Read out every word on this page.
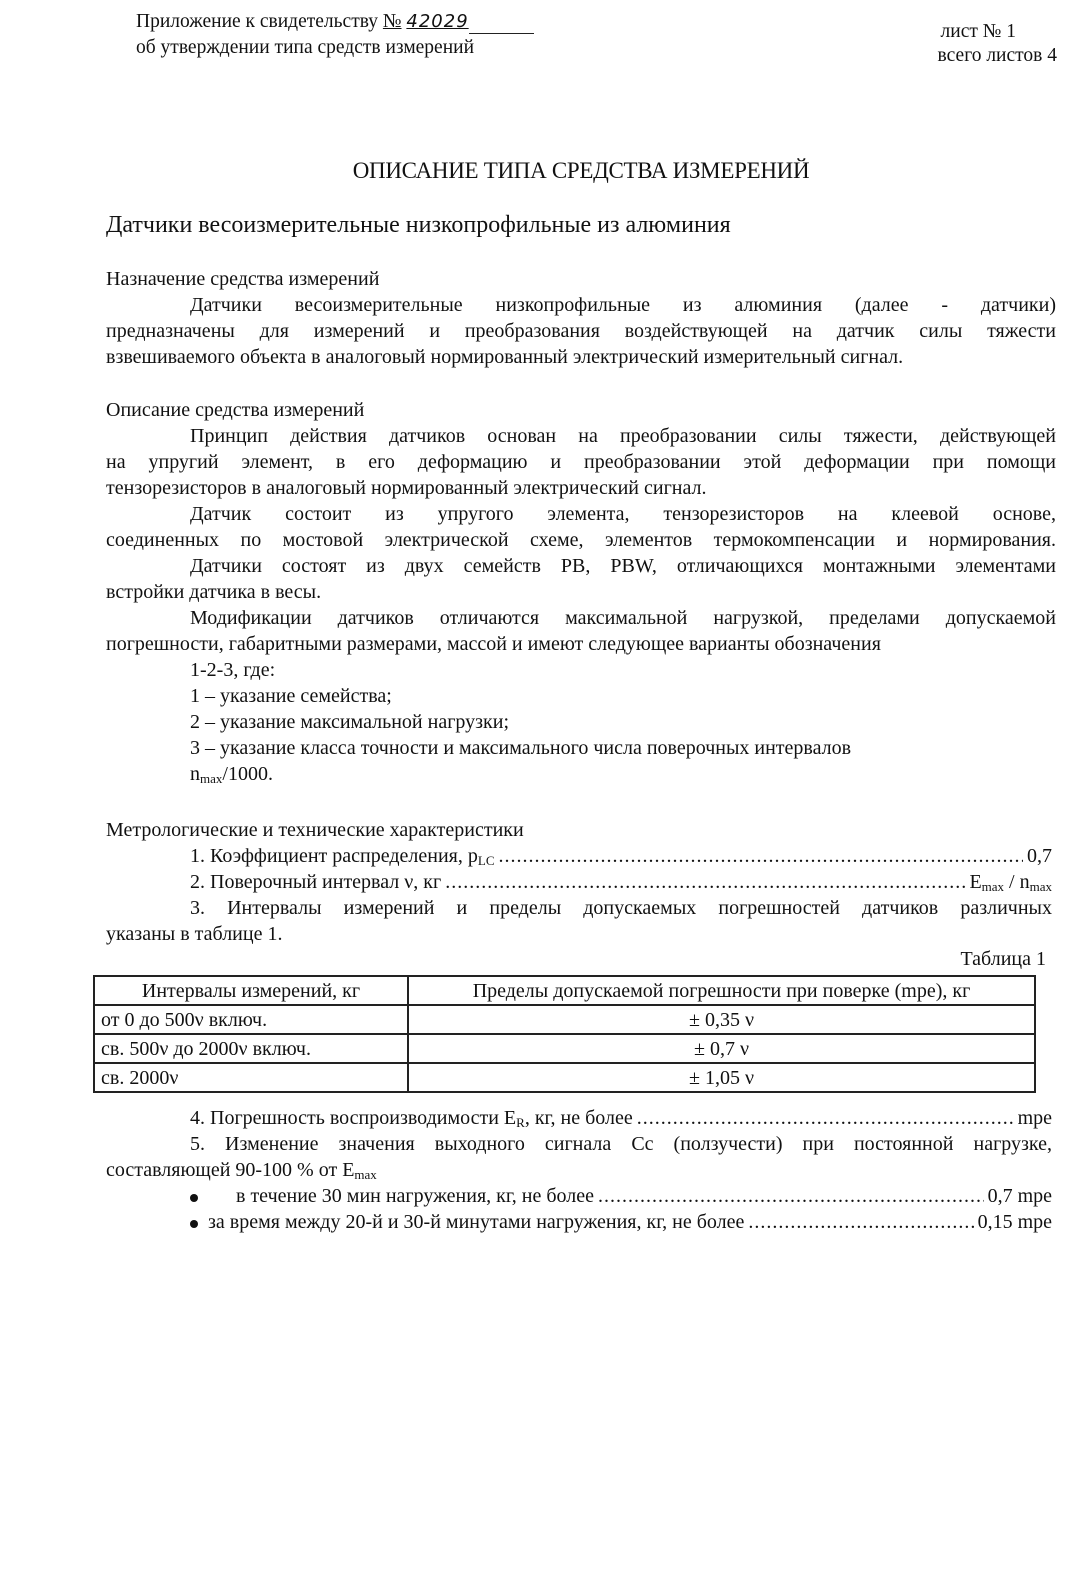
Приложение к свидетельству № 42029
об утверждении типа средств измерений
лист № 1
всего листов 4
ОПИСАНИЕ ТИПА СРЕДСТВА ИЗМЕРЕНИЙ
Датчики весоизмерительные низкопрофильные из алюминия
Назначение средства измерений
Датчики весоизмерительные низкопрофильные из алюминия (далее - датчики)
предназначены для измерений и преобразования воздействующей на датчик силы тяжести
взвешиваемого объекта в аналоговый нормированный электрический измерительный сигнал.
Описание средства измерений
Принцип действия датчиков основан на преобразовании силы тяжести, действующей
на упругий элемент, в его деформацию и преобразовании этой деформации при помощи
тензорезисторов в аналоговый нормированный электрический сигнал.
Датчик состоит из упругого элемента, тензорезисторов на клеевой основе,
соединенных по мостовой электрической схеме, элементов термокомпенсации и нормирования.
Датчики состоят из двух семейств PB, PBW, отличающихся монтажными элементами
встройки датчика в весы.
Модификации датчиков отличаются максимальной нагрузкой, пределами допускаемой
погрешности, габаритными размерами, массой и имеют следующее варианты обозначения
1-2-3, где:
1 – указание семейства;
2 – указание максимальной нагрузки;
3 – указание класса точности и максимального числа поверочных интервалов
$n_{max}/1000$.
Метрологические и технические характеристики
1. Коэффициент распределения, $p_{LC}$ .....	0,7
2. Поверочный интервал ν, кг .....	$E_{max} / n_{max}$
3. Интервалы измерений и пределы допускаемых погрешностей датчиков различных
указаны в таблице 1.
Таблица 1
Интервалы измерений, кг	Пределы допускаемой погрешности при поверке (mpe), кг
от 0 до 500ν включ.	± 0,35 ν
св. 500ν до 2000ν включ.	± 0,7 ν
св. 2000ν	± 1,05 ν
4. Погрешность воспроизводимости $E_R$, кг, не более .....	mpe
5. Изменение значения выходного сигнала Cc (ползучести) при постоянной нагрузке,
составляющей 90-100 % от $E_{max}$
в течение 30 мин нагружения, кг, не более .....	0,7 mpe
за время между 20-й и 30-й минутами нагружения, кг, не более .....	0,15 mpe
